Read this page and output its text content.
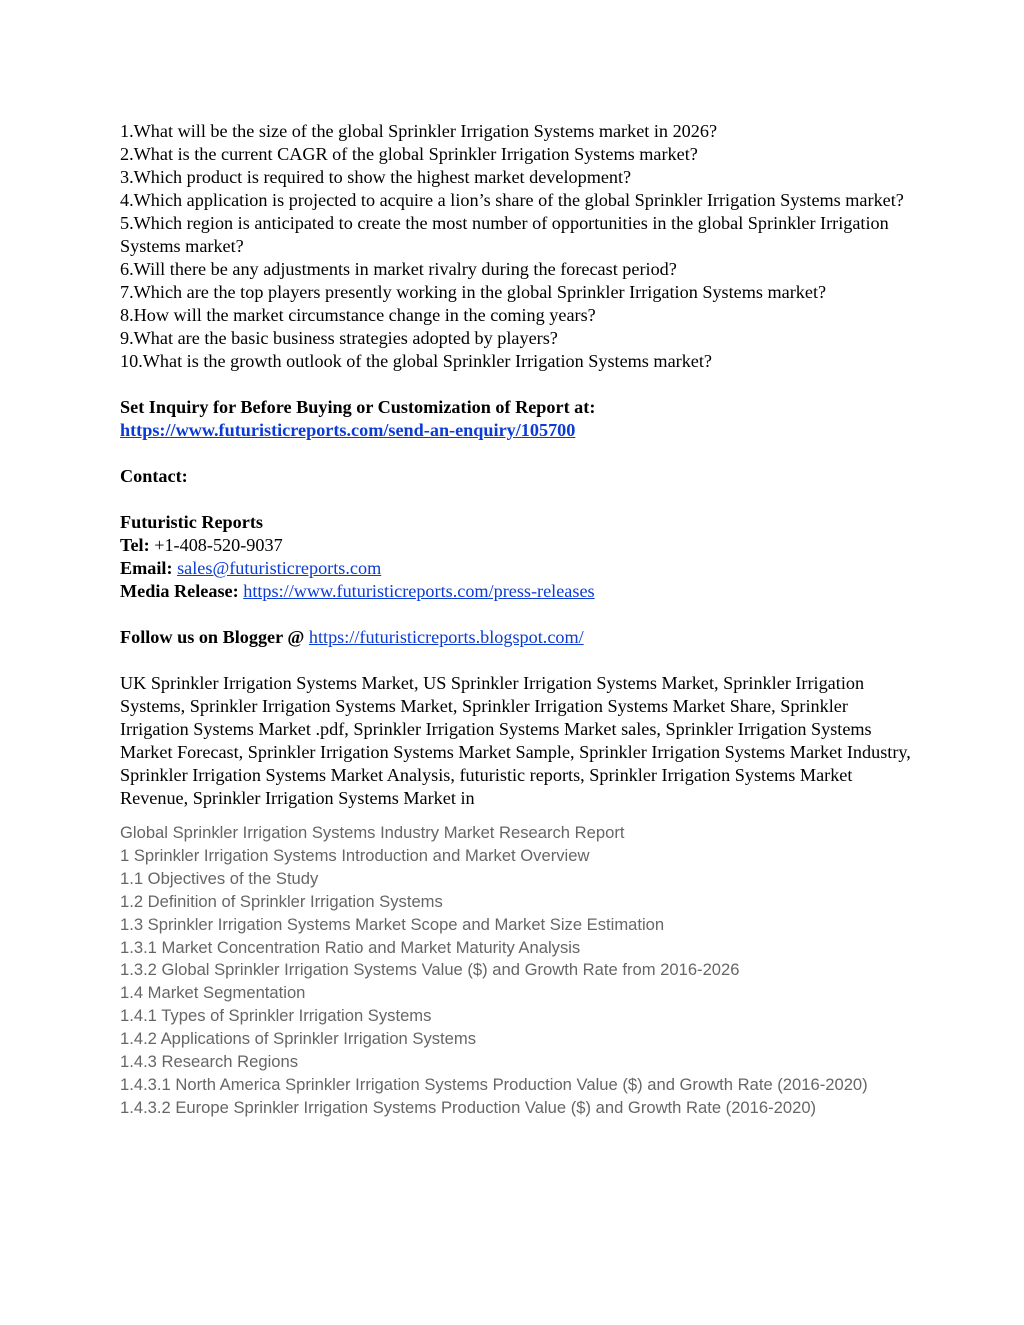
1.What will be the size of the global Sprinkler Irrigation Systems market in 2026?

2.What is the current CAGR of the global Sprinkler Irrigation Systems market?

3.Which product is required to show the highest market development?

4.Which application is projected to acquire a lion’s share of the global Sprinkler Irrigation Systems market?

5.Which region is anticipated to create the most number of opportunities in the global Sprinkler Irrigation Systems market?

6.Will there be any adjustments in market rivalry during the forecast period?

7.Which are the top players presently working in the global Sprinkler Irrigation Systems market?

8.How will the market circumstance change in the coming years?

9.What are the basic business strategies adopted by players?

10.What is the growth outlook of the global Sprinkler Irrigation Systems market?

Set Inquiry for Before Buying or Customization of Report at:

https://www.futuristicreports.com/send-an-enquiry/105700

Contact:

Futuristic Reports

Tel: +1-408-520-9037

Email: sales@futuristicreports.com

Media Release: https://www.futuristicreports.com/press-releases

Follow us on Blogger @ https://futuristicreports.blogspot.com/

UK Sprinkler Irrigation Systems Market, US Sprinkler Irrigation Systems Market, Sprinkler Irrigation Systems, Sprinkler Irrigation Systems Market, Sprinkler Irrigation Systems Market Share, Sprinkler Irrigation Systems Market .pdf, Sprinkler Irrigation Systems Market sales, Sprinkler Irrigation Systems Market Forecast, Sprinkler Irrigation Systems Market Sample, Sprinkler Irrigation Systems Market Industry, Sprinkler Irrigation Systems Market Analysis, futuristic reports, Sprinkler Irrigation Systems Market Revenue, Sprinkler Irrigation Systems Market in

Global Sprinkler Irrigation Systems Industry Market Research Report

1 Sprinkler Irrigation Systems Introduction and Market Overview

1.1 Objectives of the Study

1.2 Definition of Sprinkler Irrigation Systems

1.3 Sprinkler Irrigation Systems Market Scope and Market Size Estimation

1.3.1 Market Concentration Ratio and Market Maturity Analysis

1.3.2 Global Sprinkler Irrigation Systems Value ($) and Growth Rate from 2016-2026

1.4 Market Segmentation

1.4.1 Types of Sprinkler Irrigation Systems

1.4.2 Applications of Sprinkler Irrigation Systems

1.4.3 Research Regions

1.4.3.1 North America Sprinkler Irrigation Systems Production Value ($) and Growth Rate (2016-2020)

1.4.3.2 Europe Sprinkler Irrigation Systems Production Value ($) and Growth Rate (2016-2020)
